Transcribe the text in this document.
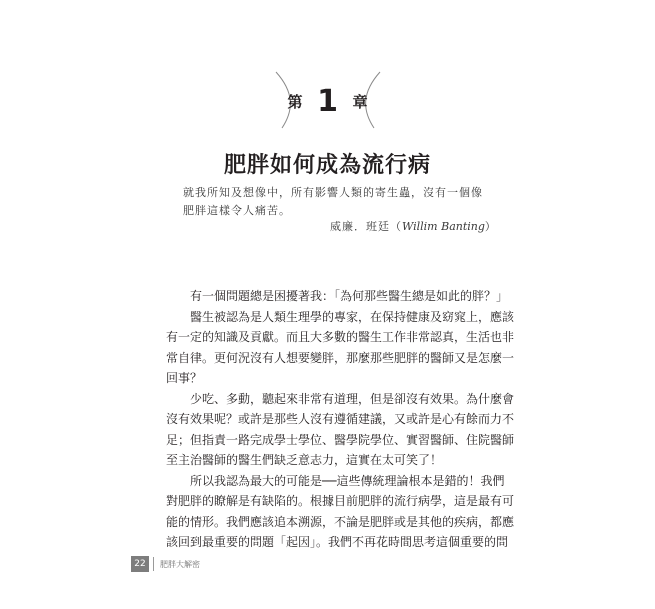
第 1 章
肥胖如何成為流行病

就我所知及想像中，所有影響人類的寄生蟲，沒有一個像

肥胖這樣令人痛苦。

威廉．班廷（Willim Banting）
　　有一個問題總是困擾著我：「為何那些醫生總是如此的胖？」
　　醫生被認為是人類生理學的專家，在保持健康及窈窕上，應該
有一定的知識及貢獻。而且大多數的醫生工作非常認真，生活也非
常自律。更何況沒有人想要變胖，那麼那些肥胖的醫師又是怎麼一
回事？
　　少吃、多動，聽起來非常有道理，但是卻沒有效果。為什麼會
沒有效果呢？或許是那些人沒有遵循建議，又或許是心有餘而力不
足；但指責一路完成學士學位、醫學院學位、實習醫師、住院醫師
至主治醫師的醫生們缺乏意志力，這實在太可笑了！
　　所以我認為最大的可能是──這些傳統理論根本是錯的！我們
對肥胖的瞭解是有缺陷的。根據目前肥胖的流行病學，這是最有可
能的情形。我們應該追本溯源，不論是肥胖或是其他的疾病，都應
該回到最重要的問題「起因」。我們不再花時間思考這個重要的問
22	肥胖大解密
